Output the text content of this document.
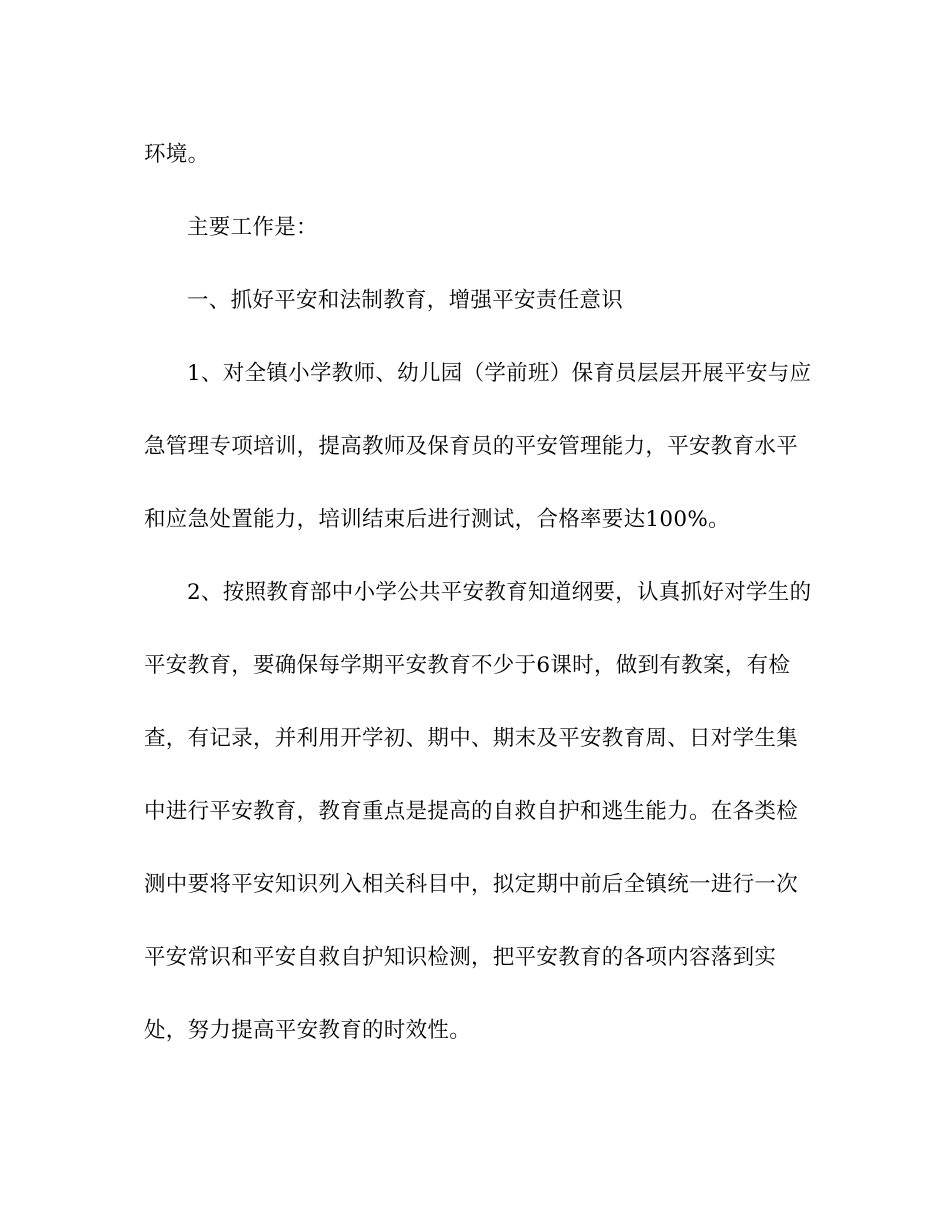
环境。
主要工作是：
一、抓好平安和法制教育，增强平安责任意识
1、对全镇小学教师、幼儿园（学前班）保育员层层开展平安与应
急管理专项培训，提高教师及保育员的平安管理能力，平安教育水平
和应急处置能力，培训结束后进行测试，合格率要达100%。
2、按照教育部中小学公共平安教育知道纲要，认真抓好对学生的
平安教育，要确保每学期平安教育不少于6课时，做到有教案，有检
查，有记录，并利用开学初、期中、期末及平安教育周、日对学生集
中进行平安教育，教育重点是提高的自救自护和逃生能力。在各类检
测中要将平安知识列入相关科目中，拟定期中前后全镇统一进行一次
平安常识和平安自救自护知识检测，把平安教育的各项内容落到实
处，努力提高平安教育的时效性。
